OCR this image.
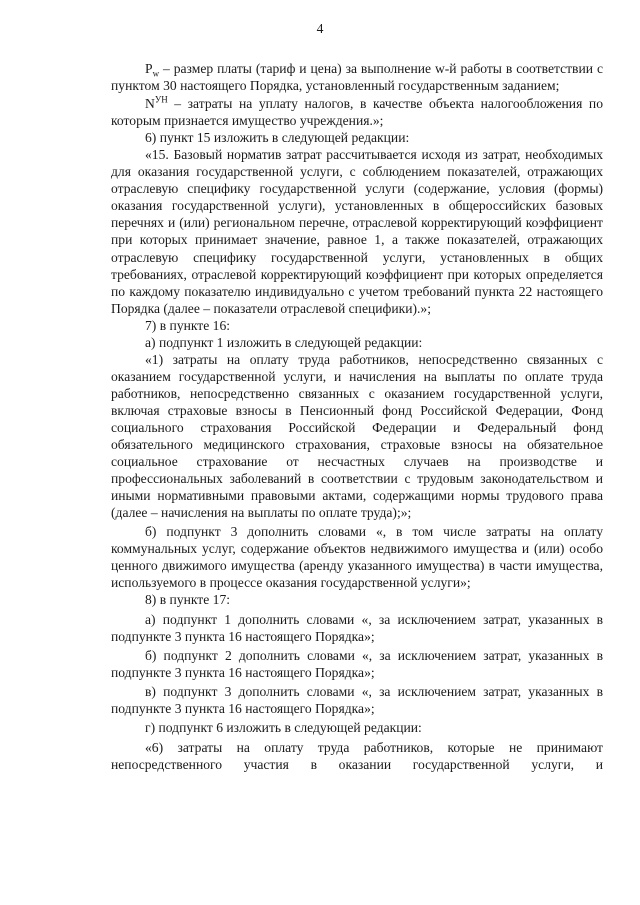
4

$P_w$ – размер платы (тариф и цена) за выполнение w-й работы в соответствии с пунктом 30 настоящего Порядка, установленный государственным заданием;

$N^{УН}$ – затраты на уплату налогов, в качестве объекта налогообложения по которым признается имущество учреждения.»;

6) пункт 15 изложить в следующей редакции:

«15. Базовый норматив затрат рассчитывается исходя из затрат, необходимых для оказания государственной услуги, с соблюдением показателей, отражающих отраслевую специфику государственной услуги (содержание, условия (формы) оказания государственной услуги), установленных в общероссийских базовых перечнях и (или) региональном перечне, отраслевой корректирующий коэффициент при которых принимает значение, равное 1, а также показателей, отражающих отраслевую специфику государственной услуги, установленных в общих требованиях, отраслевой корректирующий коэффициент при которых определяется по каждому показателю индивидуально с учетом требований пункта 22 настоящего Порядка (далее – показатели отраслевой специфики).»;

7) в пункте 16:

а) подпункт 1 изложить в следующей редакции:

«1) затраты на оплату труда работников, непосредственно связанных с оказанием государственной услуги, и начисления на выплаты по оплате труда работников, непосредственно связанных с оказанием государственной услуги, включая страховые взносы в Пенсионный фонд Российской Федерации, Фонд социального страхования Российской Федерации и Федеральный фонд обязательного медицинского страхования, страховые взносы на обязательное социальное страхование от несчастных случаев на производстве и профессиональных заболеваний в соответствии с трудовым законодательством и иными нормативными правовыми актами, содержащими нормы трудового права (далее – начисления на выплаты по оплате труда);»;

б) подпункт 3 дополнить словами «, в том числе затраты на оплату коммунальных услуг, содержание объектов недвижимого имущества и (или) особо ценного движимого имущества (аренду указанного имущества) в части имущества, используемого в процессе оказания государственной услуги»;

8) в пункте 17:

а) подпункт 1 дополнить словами «, за исключением затрат, указанных в подпункте 3 пункта 16 настоящего Порядка»;

б) подпункт 2 дополнить словами «, за исключением затрат, указанных в подпункте 3 пункта 16 настоящего Порядка»;

в) подпункт 3 дополнить словами «, за исключением затрат, указанных в подпункте 3 пункта 16 настоящего Порядка»;

г) подпункт 6 изложить в следующей редакции:

«6) затраты на оплату труда работников, которые не принимают непосредственного участия в оказании государственной услуги, и
